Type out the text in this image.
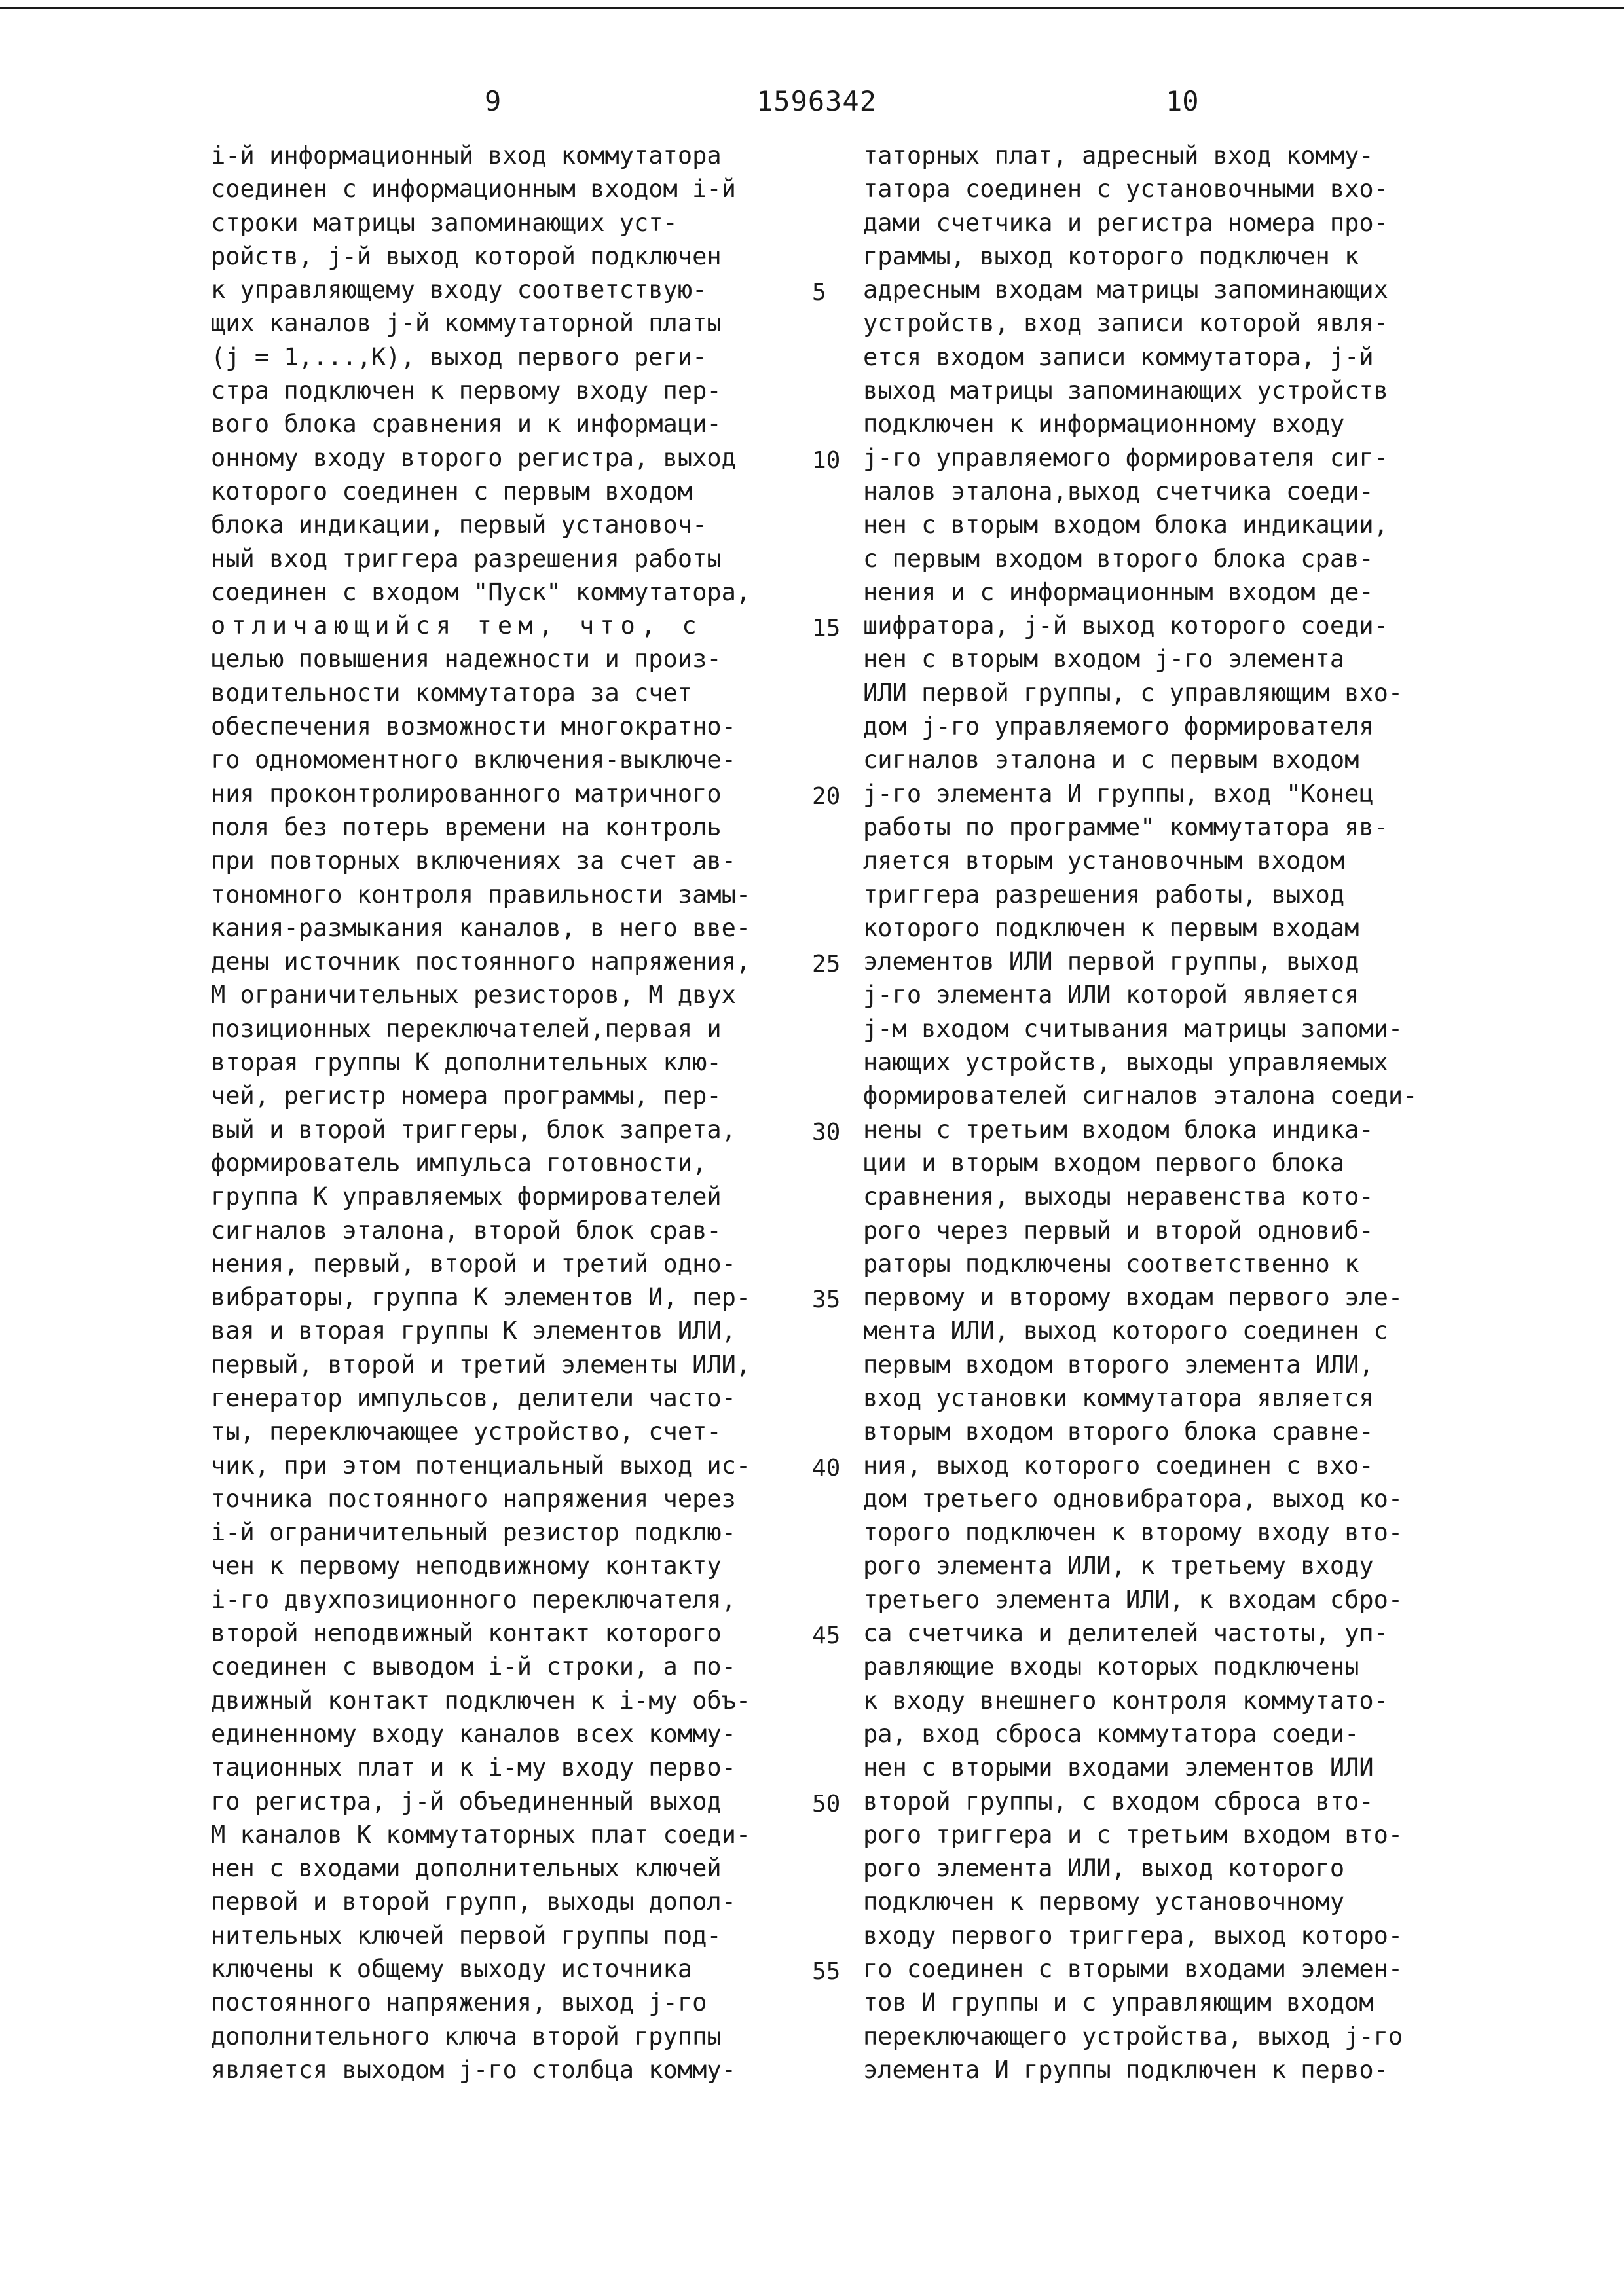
9	1596342	10
i-й информационный вход коммутатора
соединен с информационным входом i-й
строки матрицы запоминающих уст-
ройств, j-й выход которой подключен
к управляющему входу соответствую-
щих каналов j-й коммутаторной платы
(j = 1,...,K), выход первого реги-
стра подключен к первому входу пер-
вого блока сравнения и к информаци-
онному входу второго регистра, выход
которого соединен с первым входом
блока индикации, первый установоч-
ный вход триггера разрешения работы
соединен с входом "Пуск" коммутатора,
отличающийся тем, что, с
целью повышения надежности и произ-
водительности коммутатора за счет
обеспечения возможности многократно-
го одномоментного включения-выключе-
ния проконтролированного матричного
поля без потерь времени на контроль
при повторных включениях за счет ав-
тономного контроля правильности замы-
кания-размыкания каналов, в него вве-
дены источник постоянного напряжения,
М ограничительных резисторов, М двух
позиционных переключателей,первая и
вторая группы К дополнительных клю-
чей, регистр номера программы, пер-
вый и второй триггеры, блок запрета,
формирователь импульса готовности,
группа К управляемых формирователей
сигналов эталона, второй блок срав-
нения, первый, второй и третий одно-
вибраторы, группа К элементов И, пер-
вая и вторая группы К элементов ИЛИ,
первый, второй и третий элементы ИЛИ,
генератор импульсов, делители часто-
ты, переключающее устройство, счет-
чик, при этом потенциальный выход ис-
точника постоянного напряжения через
i-й ограничительный резистор подклю-
чен к первому неподвижному контакту
i-го двухпозиционного переключателя,
второй неподвижный контакт которого
соединен с выводом i-й строки, а по-
движный контакт подключен к i-му объ-
единенному входу каналов всех комму-
тационных плат и к i-му входу перво-
го регистра, j-й объединенный выход
М каналов К коммутаторных плат соеди-
нен с входами дополнительных ключей
первой и второй групп, выходы допол-
нительных ключей первой группы под-
ключены к общему выходу источника
постоянного напряжения, выход j-го
дополнительного ключа второй группы
является выходом j-го столбца комму-
5
10
15
20
25
30
35
40
45
50
55
таторных плат, адресный вход комму-
татора соединен с установочными вхо-
дами счетчика и регистра номера про-
граммы, выход которого подключен к
адресным входам матрицы запоминающих
устройств, вход записи которой явля-
ется входом записи коммутатора, j-й
выход матрицы запоминающих устройств
подключен к информационному входу
j-го управляемого формирователя сиг-
налов эталона,выход счетчика соеди-
нен с вторым входом блока индикации,
с первым входом второго блока срав-
нения и с информационным входом де-
шифратора, j-й выход которого соеди-
нен с вторым входом j-го элемента
ИЛИ первой группы, с управляющим вхо-
дом j-го управляемого формирователя
сигналов эталона и с первым входом
j-го элемента И группы, вход "Конец
работы по программе" коммутатора яв-
ляется вторым установочным входом
триггера разрешения работы, выход
которого подключен к первым входам
элементов ИЛИ первой группы, выход
j-го элемента ИЛИ которой является
j-м входом считывания матрицы запоми-
нающих устройств, выходы управляемых
формирователей сигналов эталона соеди-
нены с третьим входом блока индика-
ции и вторым входом первого блока
сравнения, выходы неравенства кото-
рого через первый и второй одновиб-
раторы подключены соответственно к
первому и второму входам первого эле-
мента ИЛИ, выход которого соединен с
первым входом второго элемента ИЛИ,
вход установки коммутатора является
вторым входом второго блока сравне-
ния, выход которого соединен с вхо-
дом третьего одновибратора, выход ко-
торого подключен к второму входу вто-
рого элемента ИЛИ, к третьему входу
третьего элемента ИЛИ, к входам сбро-
са счетчика и делителей частоты, уп-
равляющие входы которых подключены
к входу внешнего контроля коммутато-
ра, вход сброса коммутатора соеди-
нен с вторыми входами элементов ИЛИ
второй группы, с входом сброса вто-
рого триггера и с третьим входом вто-
рого элемента ИЛИ, выход которого
подключен к первому установочному
входу первого триггера, выход которо-
го соединен с вторыми входами элемен-
тов И группы и с управляющим входом
переключающего устройства, выход j-го
элемента И группы подключен к перво-
